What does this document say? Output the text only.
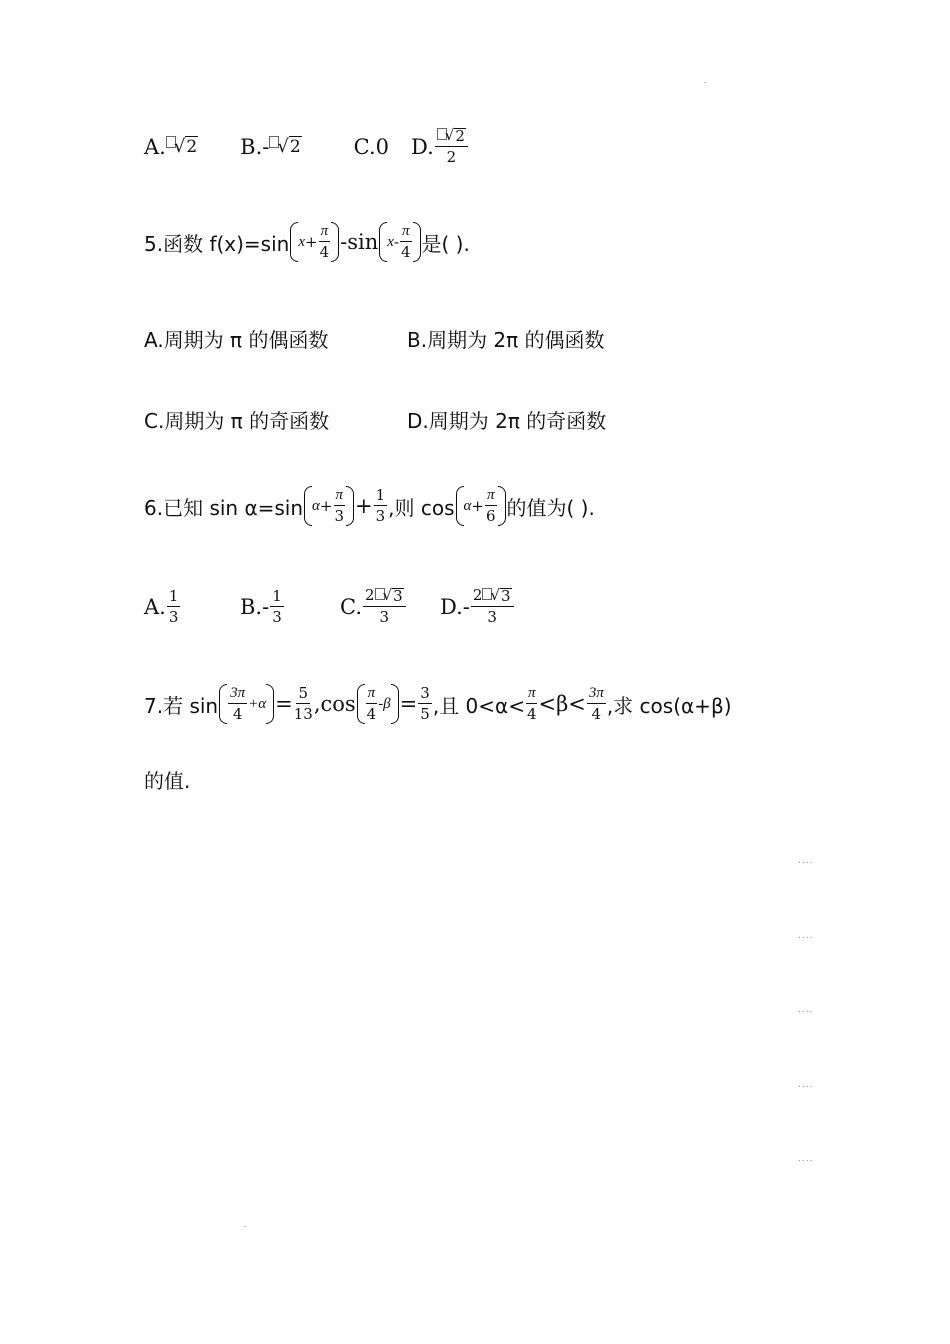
A. √ 2 B.- √ 2	C.0 D. $\frac{√ 2}{2}$
5.函数 f(x)=sin $x + \frac{\pi}{4} -\sin$ x - $\frac{\pi}{4}$ 是( ).
A.周期为 π 的偶函数	B.周期为 2π 的偶函数
C.周期为 π 的奇函数	D.周期为 2π 的奇函数
6.已知 sin α=sin $\alpha + \frac{\pi}{3} + \frac{1}{3}$ ,则 $\cos \alpha + \frac{\pi}{6}$ 的值为( ).
A. $\frac{1}{3}$	$B.- \frac{1}{3}$	C. $\frac{2 √ 3}{3} D.- \frac{2 √ 3}{3}$
7.若 $\sin \frac{3\pi}{4} +\alpha = \frac{5}{13} ,\cos \frac{\pi}{4} -\beta = \frac{3}{5}$ ,且 $0<\alpha< \frac{\pi}{4} <\beta< \frac{3\pi}{4}$ ,求 cos(α+β)
的值.
....
....
....
....
....
